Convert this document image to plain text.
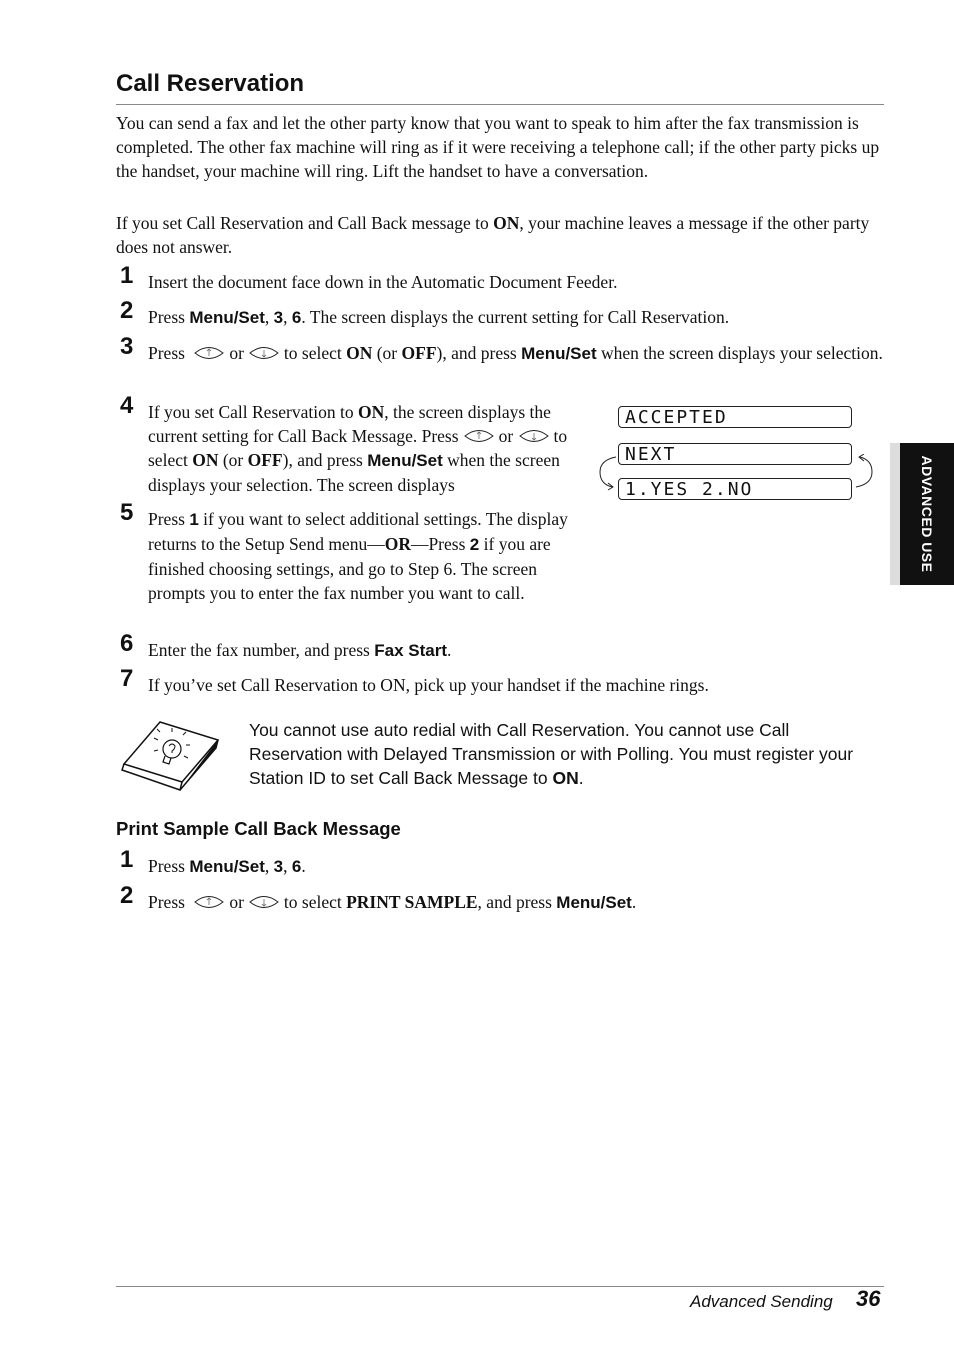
Call Reservation

You can send a fax and let the other party know that you want to speak to him after the fax transmission is completed. The other fax machine will ring as if it were receiving a telephone call; if the other party picks up the handset, your machine will ring. Lift the handset to have a conversation.

If you set Call Reservation and Call Back message to ON, your machine leaves a message if the other party does not answer.

1 Insert the document face down in the Automatic Document Feeder.

2 Press Menu/Set, 3, 6. The screen displays the current setting for Call Reservation.

3 Press	or to select ON (or OFF), and press Menu/Set when the screen displays your selection.

4 If you set Call Reservation to ON, the screen displays the current setting for Call Back Message. Press or to select ON (or OFF), and press Menu/Set when the screen displays your selection. The screen displays

ACCEPTED
NEXT
1.YES 2.NO
5 Press 1 if you want to select additional settings. The display returns to the Setup Send menu—OR—Press 2 if you are finished choosing settings, and go to Step 6. The screen prompts you to enter the fax number you want to call.

6 Enter the fax number, and press Fax Start.

7 If you’ve set Call Reservation to ON, pick up your handset if the machine rings.

You cannot use auto redial with Call Reservation. You cannot use Call Reservation with Delayed Transmission or with Polling. You must register your Station ID to set Call Back Message to ON.

Print Sample Call Back Message
1 Press Menu/Set, 3, 6.

2 Press	or to select PRINT SAMPLE, and press Menu/Set.

ADVANCED USE
Advanced Sending 36
